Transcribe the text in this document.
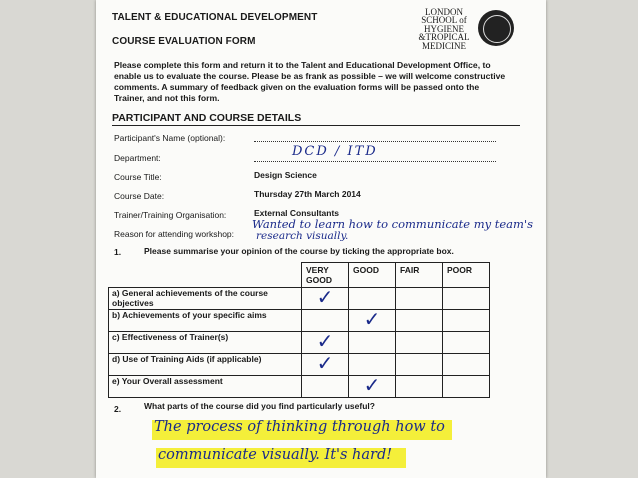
TALENT & EDUCATIONAL DEVELOPMENT
COURSE EVALUATION FORM
LONDON
SCHOOL of
HYGIENE
&TROPICAL
MEDICINE
Please complete this form and return it to the Talent and Educational Development Office, to enable us to evaluate the course. Please be as frank as possible – we will welcome constructive comments. A summary of feedback given on the evaluation forms will be passed onto the Trainer, and not this form.
PARTICIPANT AND COURSE DETAILS
Participant's Name (optional):
Department:	DCD / ITD
Course Title:	Design Science
Course Date:	Thursday 27th March 2014
Trainer/Training Organisation:	External Consultants
Reason for attending workshop:
Wanted to learn how to communicate my team's
research visually.
1.	Please summarise your opinion of the course by ticking the appropriate box.
	VERY GOOD	GOOD	FAIR	POOR
a) General achievements of the course objectives	✓			
b) Achievements of your specific aims		✓		
c) Effectiveness of Trainer(s)	✓			
d) Use of Training Aids (if applicable)	✓			
e) Your Overall assessment		✓		
2.	What parts of the course did you find particularly useful?
The process of thinking through how to
communicate visually. It's hard!
